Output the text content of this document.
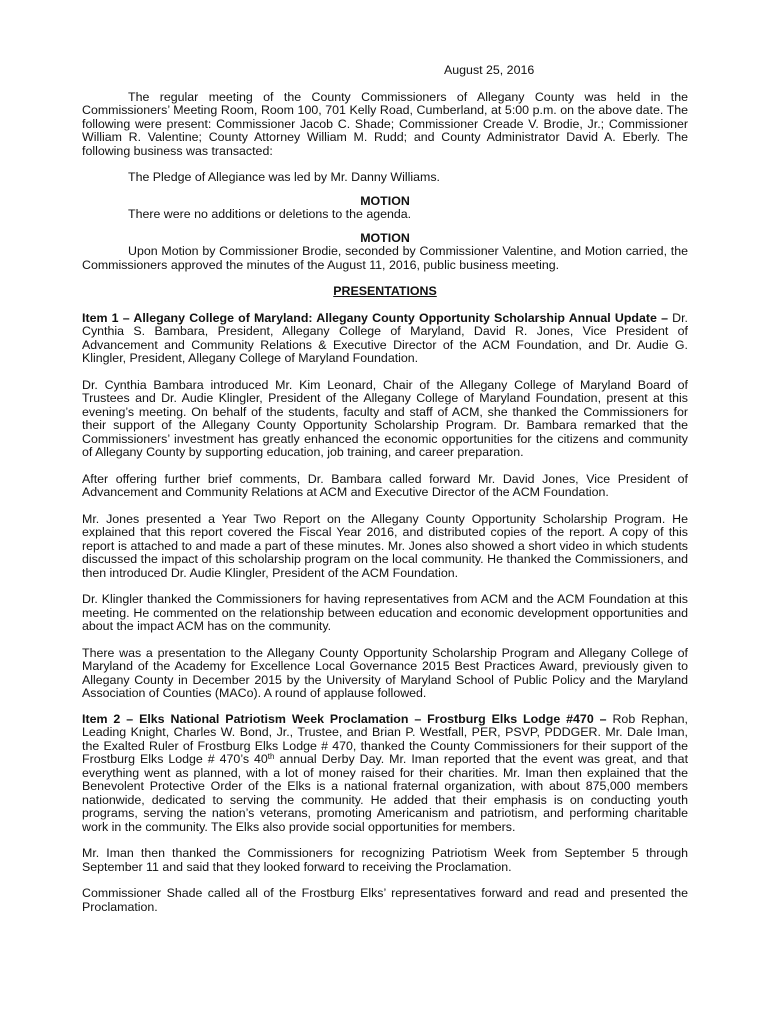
August 25, 2016

The regular meeting of the County Commissioners of Allegany County was held in the Commissioners’ Meeting Room, Room 100, 701 Kelly Road, Cumberland, at 5:00 p.m. on the above date. The following were present: Commissioner Jacob C. Shade; Commissioner Creade V. Brodie, Jr.; Commissioner William R. Valentine; County Attorney William M. Rudd; and County Administrator David A. Eberly. The following business was transacted:

The Pledge of Allegiance was led by Mr. Danny Williams.

MOTION

There were no additions or deletions to the agenda.

MOTION

Upon Motion by Commissioner Brodie, seconded by Commissioner Valentine, and Motion carried, the Commissioners approved the minutes of the August 11, 2016, public business meeting.

PRESENTATIONS

Item 1 – Allegany College of Maryland: Allegany County Opportunity Scholarship Annual Update – Dr. Cynthia S. Bambara, President, Allegany College of Maryland, David R. Jones, Vice President of Advancement and Community Relations & Executive Director of the ACM Foundation, and Dr. Audie G. Klingler, President, Allegany College of Maryland Foundation.

Dr. Cynthia Bambara introduced Mr. Kim Leonard, Chair of the Allegany College of Maryland Board of Trustees and Dr. Audie Klingler, President of the Allegany College of Maryland Foundation, present at this evening’s meeting. On behalf of the students, faculty and staff of ACM, she thanked the Commissioners for their support of the Allegany County Opportunity Scholarship Program. Dr. Bambara remarked that the Commissioners’ investment has greatly enhanced the economic opportunities for the citizens and community of Allegany County by supporting education, job training, and career preparation.

After offering further brief comments, Dr. Bambara called forward Mr. David Jones, Vice President of Advancement and Community Relations at ACM and Executive Director of the ACM Foundation.

Mr. Jones presented a Year Two Report on the Allegany County Opportunity Scholarship Program. He explained that this report covered the Fiscal Year 2016, and distributed copies of the report. A copy of this report is attached to and made a part of these minutes. Mr. Jones also showed a short video in which students discussed the impact of this scholarship program on the local community. He thanked the Commissioners, and then introduced Dr. Audie Klingler, President of the ACM Foundation.

Dr. Klingler thanked the Commissioners for having representatives from ACM and the ACM Foundation at this meeting. He commented on the relationship between education and economic development opportunities and about the impact ACM has on the community.

There was a presentation to the Allegany County Opportunity Scholarship Program and Allegany College of Maryland of the Academy for Excellence Local Governance 2015 Best Practices Award, previously given to Allegany County in December 2015 by the University of Maryland School of Public Policy and the Maryland Association of Counties (MACo). A round of applause followed.

Item 2 – Elks National Patriotism Week Proclamation – Frostburg Elks Lodge #470 – Rob Rephan, Leading Knight, Charles W. Bond, Jr., Trustee, and Brian P. Westfall, PER, PSVP, PDDGER. Mr. Dale Iman, the Exalted Ruler of Frostburg Elks Lodge # 470, thanked the County Commissioners for their support of the Frostburg Elks Lodge # 470’s 40th annual Derby Day. Mr. Iman reported that the event was great, and that everything went as planned, with a lot of money raised for their charities. Mr. Iman then explained that the Benevolent Protective Order of the Elks is a national fraternal organization, with about 875,000 members nationwide, dedicated to serving the community. He added that their emphasis is on conducting youth programs, serving the nation’s veterans, promoting Americanism and patriotism, and performing charitable work in the community. The Elks also provide social opportunities for members.

Mr. Iman then thanked the Commissioners for recognizing Patriotism Week from September 5 through September 11 and said that they looked forward to receiving the Proclamation.

Commissioner Shade called all of the Frostburg Elks’ representatives forward and read and presented the Proclamation.
